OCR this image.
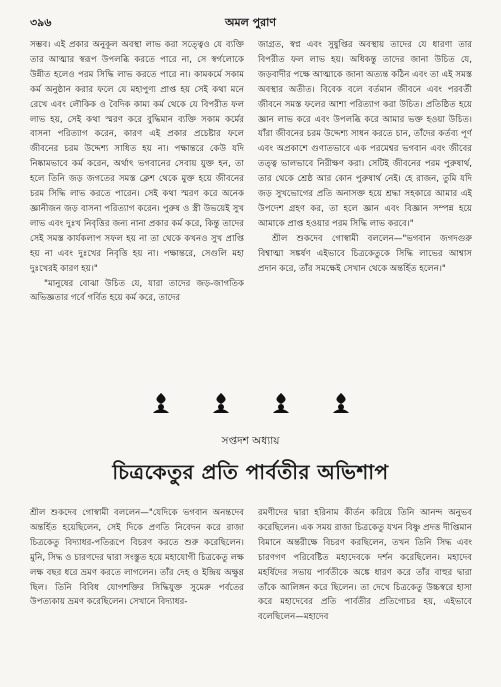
৩৯৬	অমল পুরাণ

সম্ভব। এই প্রকার অনুকূল অবস্থা লাভ করা সত্ত্বেও যে ব্যক্তি তার আত্মার স্বরূপ উপলব্ধি করতে পারে না, সে স্বর্গলোকে উন্নীত হলেও পরম সিদ্ধি লাভ করতে পারে না। কামকর্মে সকাম কর্ম অনুষ্ঠান করার ফলে যে মহাপুণ্য প্রাপ্ত হয় সেই কথা মনে রেখে এবং লৌকিক ও বৈদিক কাম্য কর্ম থেকে যে বিপরীত ফল লাভ হয়, সেই কথা স্মরণ করে বুদ্ধিমান ব্যক্তি সকাম কর্মের বাসনা পরিত্যাগ করেন, কারণ এই প্রকার প্রচেষ্টার ফলে জীবনের চরম উদ্দেশ্য সাধিত হয় না। পক্ষান্তরে কেউ যদি নিষ্কামভাবে কর্ম করেন, অর্থাৎ ভগবানের সেবায় যুক্ত হন, তা হলে তিনি জড় জগতের সমস্ত ক্লেশ থেকে মুক্ত হয়ে জীবনের চরম সিদ্ধি লাভ করতে পারেন। সেই কথা স্মরণ করে অনেক জ্ঞানীজন জড় বাসনা পরিত্যাগ করেন। পুরুষ ও স্ত্রী উভয়েই সুখ লাভ এবং দুঃখ নিবৃত্তির জন্য নানা প্রকার কর্ম করে, কিন্তু তাদের সেই সমস্ত কার্যকলাপ সফল হয় না তা থেকে কখনও সুখ প্রাপ্তি হয় না এবং দুঃখের নিবৃত্তি হয় না। পক্ষান্তরে, সেগুলি মহা দুঃখেরই কারণ হয়।"

"মানুষের বোঝা উচিত যে, যারা তাদের জড়-জাগতিক অভিজ্ঞতার গর্বে গর্বিত হয়ে কর্ম করে, তাদের

জাগ্রত, স্বপ্ন এবং সুষুপ্তির অবস্থায় তাদের যে ধারণা তার বিপরীত ফল লাভ হয়। অধিকন্তু তাদের জানা উচিত যে, জড়বাদীর পক্ষে আত্মাকে জানা অত্যন্ত কঠিন এবং তা এই সমস্ত অবস্থার অতীত। বিবেক বলে বর্তমান জীবনে এবং পরবর্তী জীবনে সমস্ত ফলের আশা পরিত্যাগ করা উচিত। প্রতিষ্ঠিত হয়ে জ্ঞান লাভ করে এবং উপলব্ধি করে আমার ভক্ত হওয়া উচিত। যাঁরা জীবনের চরম উদ্দেশ্য সাধন করতে চান, তাঁদের কর্তব্য পূর্ণ এবং অপ্রকাশে গুণাতভাবে এক পরমেশ্বর ভগবান এবং জীবের তত্ত্ব ভালভাবে নিরীক্ষণ করা। সেটিই জীবনের পরম পুরুষার্থ, তার থেকে শ্রেষ্ঠ আর কোন পুরুষার্থ নেই। হে রাজন, তুমি যদি জড় সুখভোগের প্রতি অনাসক্ত হয়ে শ্রদ্ধা সহকারে আমার এই উপদেশ গ্রহণ কর, তা হলে জ্ঞান এবং বিজ্ঞান সম্পন্ন হয়ে আমাকে প্রাপ্ত হওয়ার পরম সিদ্ধি লাভ করবে।"

শ্রীল শুকদেব গোস্বামী বললেন—"ভগবান জগদগুরু বিশ্বাত্মা সঙ্কর্ষণ এইভাবে চিত্রকেতুকে সিদ্ধি লাভের আশ্বাস প্রদান করে, তাঁর সমক্ষেই সেখান থেকে অন্তর্হিত হলেন।"

সপ্তদশ অধ্যায়
চিত্রকেতুর প্রতি পার্বতীর অভিশাপ

শ্রীল শুকদেব গোস্বামী বললেন—"যেদিকে ভগবান অনন্তদেব অন্তর্হিত হয়েছিলেন, সেই দিকে প্রণতি নিবেদন করে রাজা চিত্রকেতু বিদ্যাধর-পতিরূপে বিচরণ করতে শুরু করেছিলেন। মুনি, সিদ্ধ ও চারণদের দ্বারা সংস্তুত হয়ে মহাযোগী চিত্রকেতু লক্ষ লক্ষ বছর ধরে ভ্রমণ করতে লাগলেন। তাঁর দেহ ও ইন্দ্রিয় অক্ষুণ্ণ ছিল। তিনি বিবিধ যোগশক্তির সিদ্ধিযুক্ত সুমেরু পর্বতের উপত্যকায় ভ্রমণ করেছিলেন। সেখানে বিদ্যাধর-

রমণীদের দ্বারা হরিনাম কীর্তন করিয়ে তিনি আনন্দ অনুভব করেছিলেন। এক সময় রাজা চিত্রকেতু যখন বিষ্ণু প্রদত্ত দীপ্তিমান বিমানে অন্তরীক্ষে বিচরণ করছিলেন, তখন তিনি সিদ্ধ এবং চারণগণ পরিবেষ্টিত মহাদেবকে দর্শন করেছিলেন। মহাদেব মহর্ষিদের সভায় পার্বতীকে অঙ্কে ধারণ করে তাঁর বাহুর দ্বারা তাঁকে আলিঙ্গন করে ছিলেন। তা দেখে চিত্রকেতু উচ্চস্বরে হাসা করে মহাদেবের প্রতি পার্বতীর প্রতিগোচর হয়, এইভাবে বলেছিলেন—মহাদেব
